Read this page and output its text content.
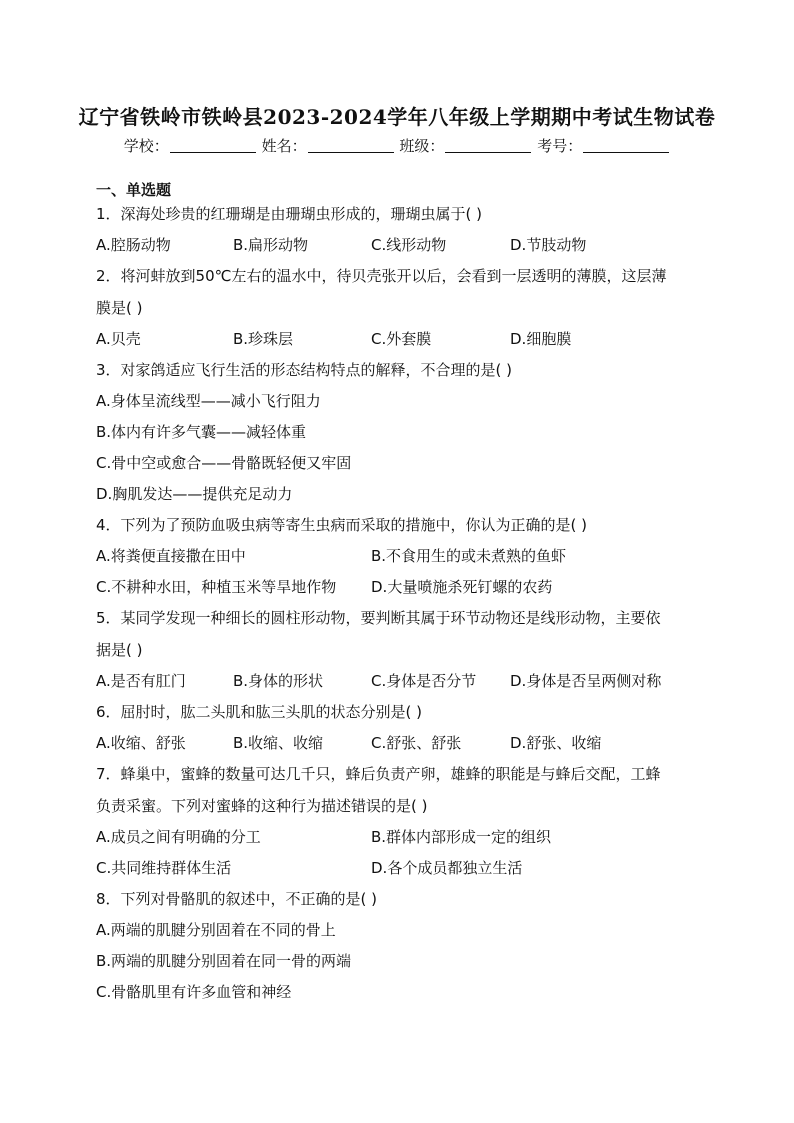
辽宁省铁岭市铁岭县2023-2024学年八年级上学期期中考试生物试卷
学校：	姓名：	班级：	考号：
一、单选题
1．深海处珍贵的红珊瑚是由珊瑚虫形成的，珊瑚虫属于( )
A.腔肠动物	B.扁形动物	C.线形动物	D.节肢动物
2．将河蚌放到50℃左右的温水中，待贝壳张开以后，会看到一层透明的薄膜，这层薄
膜是( )
A.贝壳	B.珍珠层	C.外套膜	D.细胞膜
3．对家鸽适应飞行生活的形态结构特点的解释，不合理的是( )
A.身体呈流线型——减小飞行阻力
B.体内有许多气囊——减轻体重
C.骨中空或愈合——骨骼既轻便又牢固
D.胸肌发达——提供充足动力
4．下列为了预防血吸虫病等寄生虫病而采取的措施中，你认为正确的是( )
A.将粪便直接撒在田中	B.不食用生的或未煮熟的鱼虾
C.不耕种水田，种植玉米等旱地作物 D.大量喷施杀死钉螺的农药
5．某同学发现一种细长的圆柱形动物，要判断其属于环节动物还是线形动物，主要依
据是( )
A.是否有肛门	B.身体的形状	C.身体是否分节 D.身体是否呈两侧对称
6．屈肘时，肱二头肌和肱三头肌的状态分别是( )
A.收缩、舒张	B.收缩、收缩	C.舒张、舒张	D.舒张、收缩
7．蜂巢中，蜜蜂的数量可达几千只，蜂后负责产卵，雄蜂的职能是与蜂后交配，工蜂
负责采蜜。下列对蜜蜂的这种行为描述错误的是( )
A.成员之间有明确的分工	B.群体内部形成一定的组织
C.共同维持群体生活	D.各个成员都独立生活
8．下列对骨骼肌的叙述中，不正确的是( )
A.两端的肌腱分别固着在不同的骨上
B.两端的肌腱分别固着在同一骨的两端
C.骨骼肌里有许多血管和神经
